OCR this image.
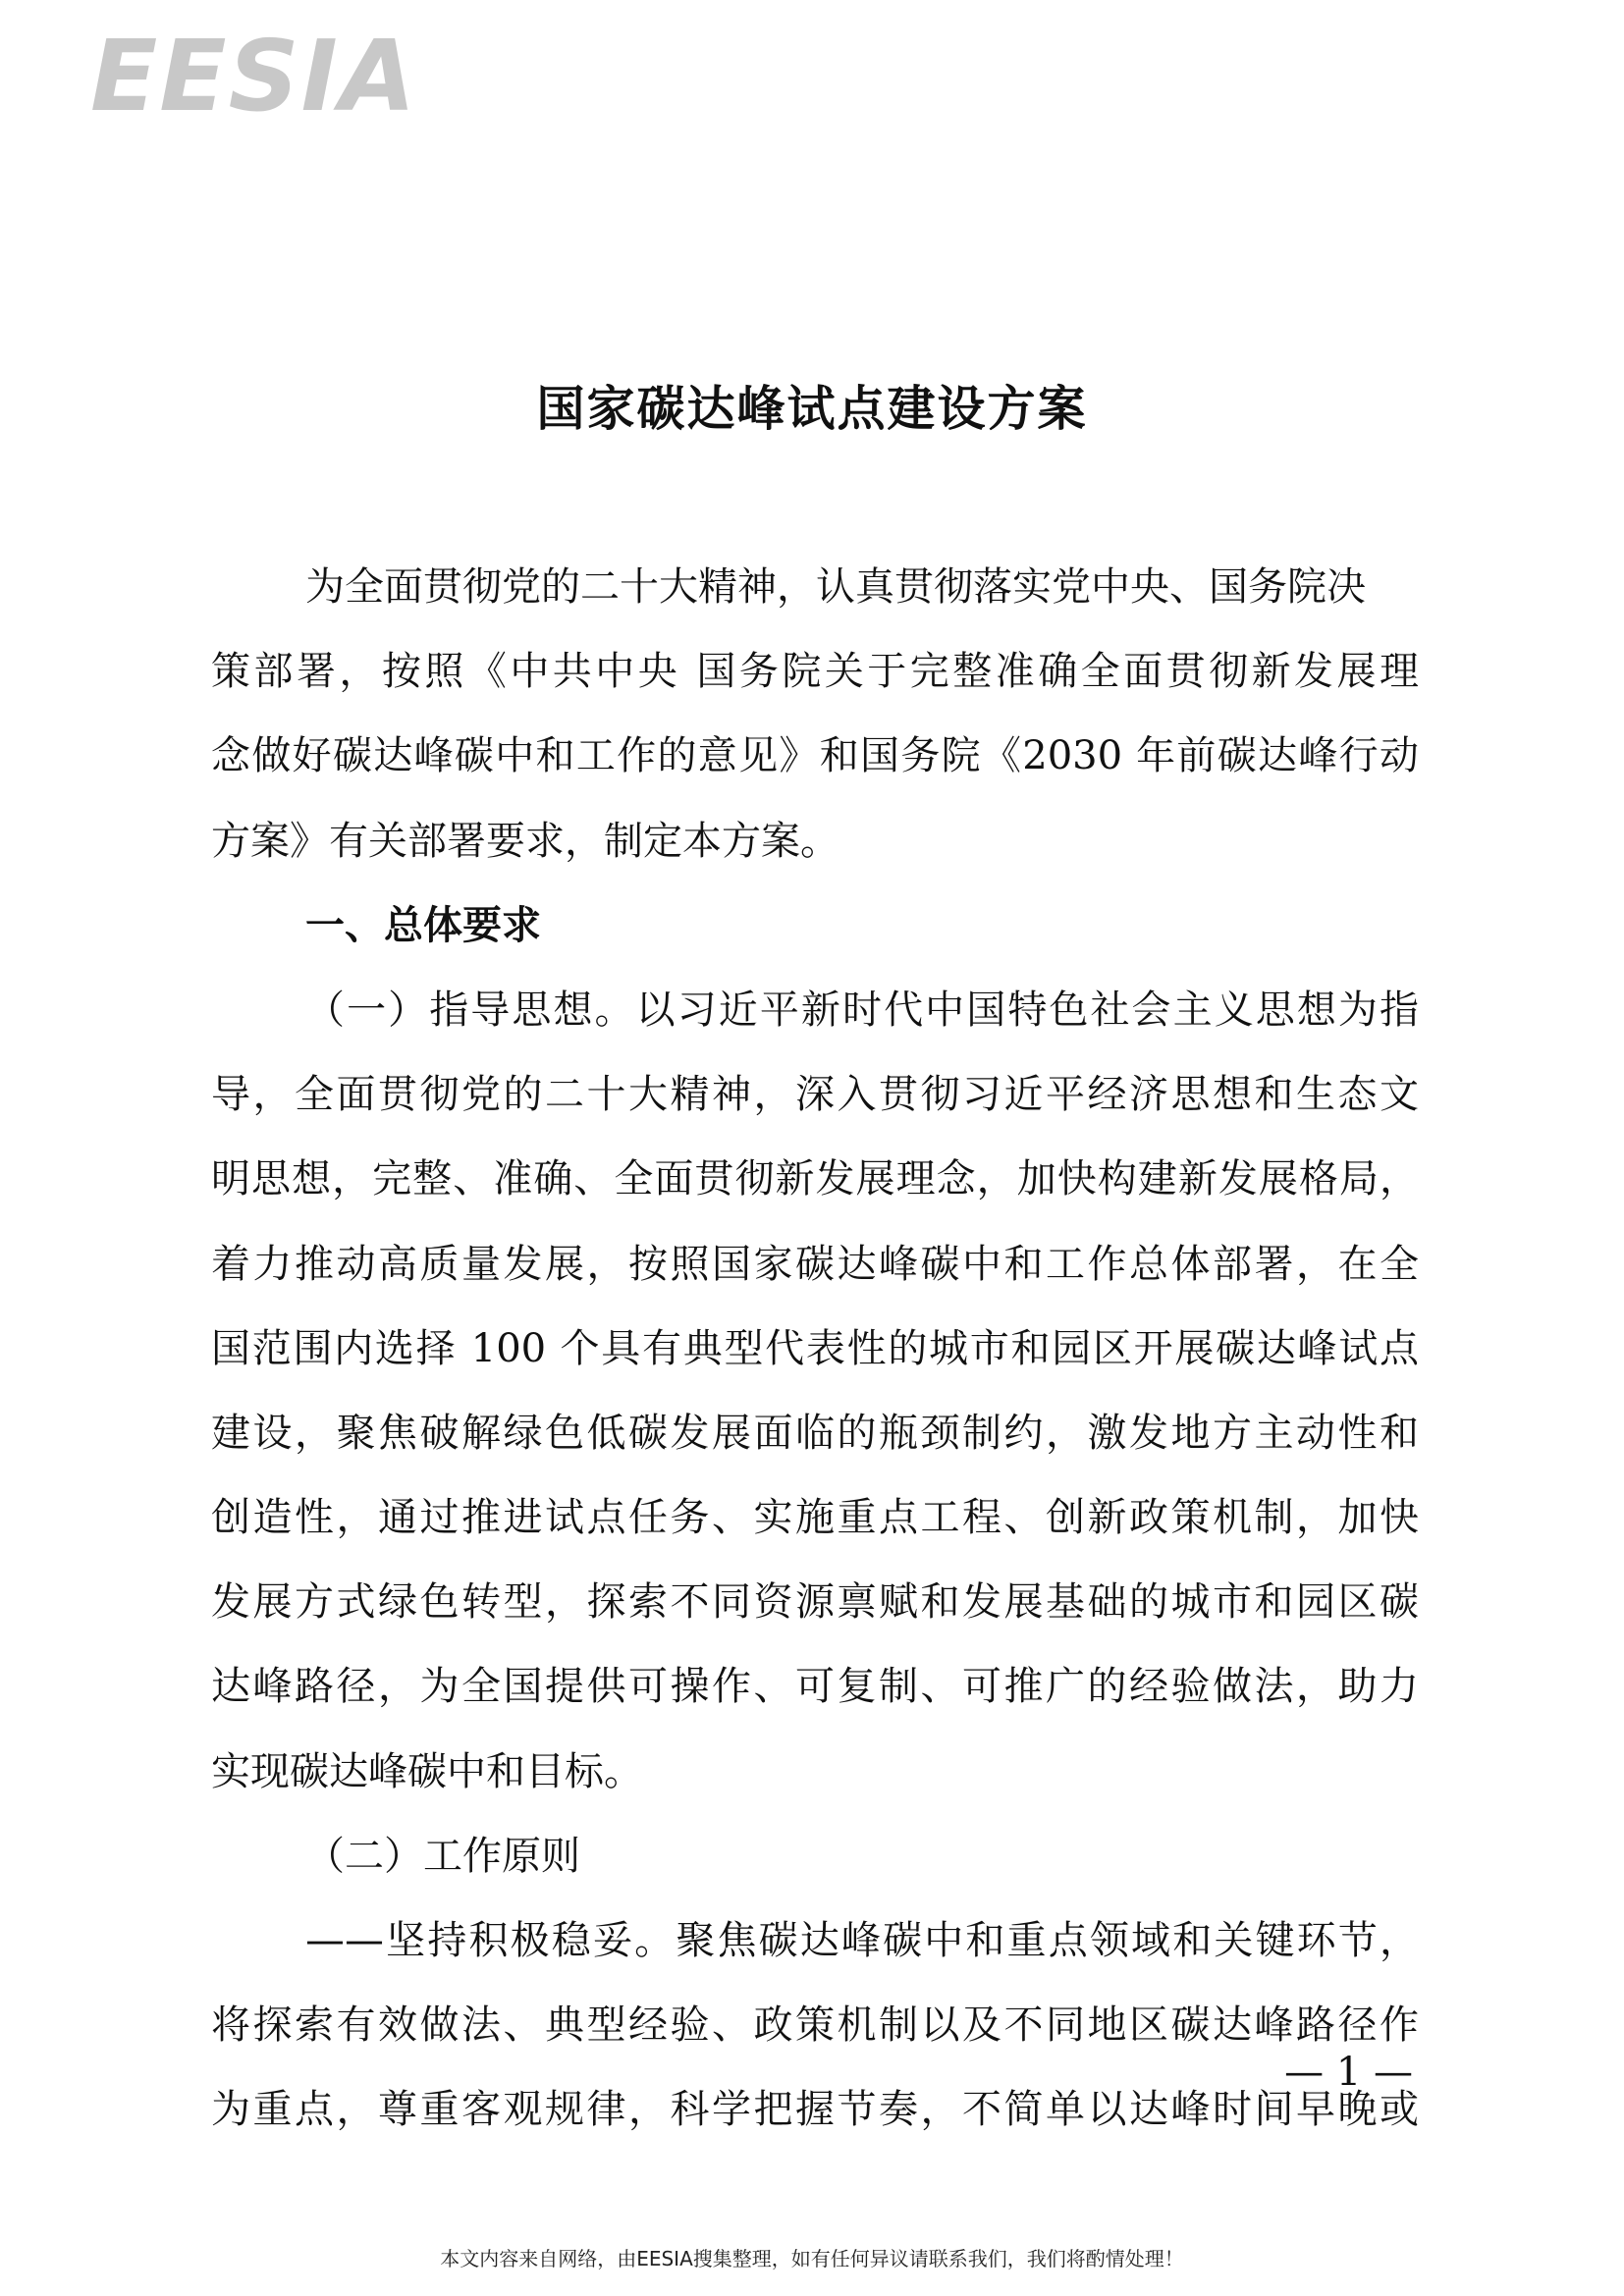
EESIA
国家碳达峰试点建设方案
为全面贯彻党的二十大精神，认真贯彻落实党中央、国务院决
策部署，按照《中共中央 国务院关于完整准确全面贯彻新发展理
念做好碳达峰碳中和工作的意见》和国务院《2030 年前碳达峰行动
方案》有关部署要求，制定本方案。
一、总体要求
（一）指导思想。以习近平新时代中国特色社会主义思想为指
导，全面贯彻党的二十大精神，深入贯彻习近平经济思想和生态文
明思想，完整、准确、全面贯彻新发展理念，加快构建新发展格局，
着力推动高质量发展，按照国家碳达峰碳中和工作总体部署，在全
国范围内选择 100 个具有典型代表性的城市和园区开展碳达峰试点
建设，聚焦破解绿色低碳发展面临的瓶颈制约，激发地方主动性和
创造性，通过推进试点任务、实施重点工程、创新政策机制，加快
发展方式绿色转型，探索不同资源禀赋和发展基础的城市和园区碳
达峰路径，为全国提供可操作、可复制、可推广的经验做法，助力
实现碳达峰碳中和目标。
（二）工作原则
——坚持积极稳妥。聚焦碳达峰碳中和重点领域和关键环节，
将探索有效做法、典型经验、政策机制以及不同地区碳达峰路径作
为重点，尊重客观规律，科学把握节奏，不简单以达峰时间早晚或
— 1 —
本文内容来自网络，由EESIA搜集整理，如有任何异议请联系我们，我们将酌情处理！
